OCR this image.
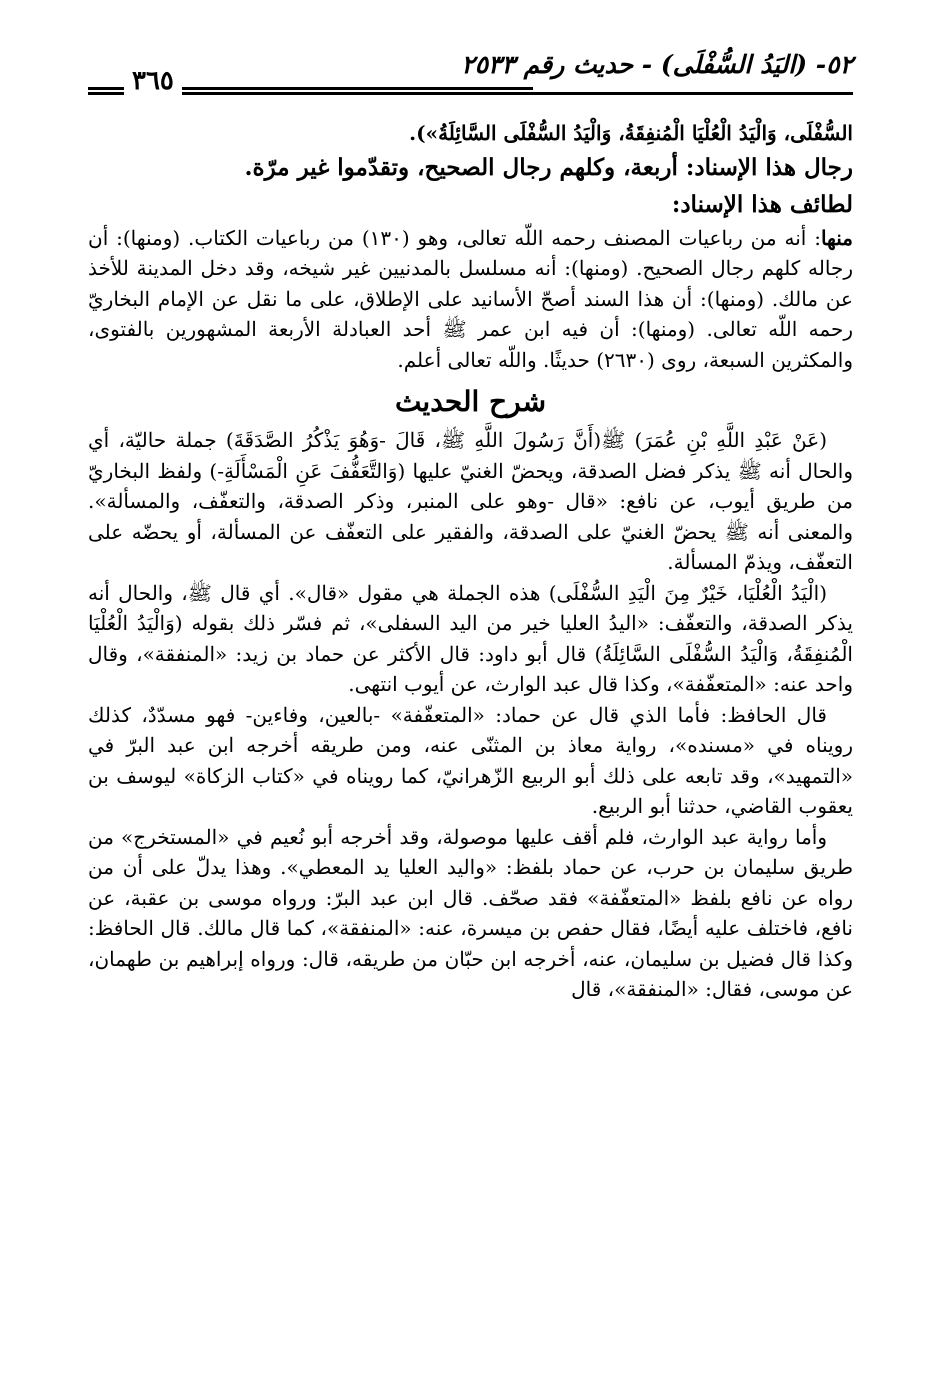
٥٢- (اليَدُ السُّفْلَى) - حديث رقم ٢٥٣٣
٣٦٥

السُّفْلَى، وَالْيَدُ الْعُلْيَا الْمُنفِقَةُ، وَالْيَدُ السُّفْلَى السَّائِلَةُ»).

رجال هذا الإسناد: أربعة، وكلهم رجال الصحيح، وتقدّموا غير مرّة.

لطائف هذا الإسناد:

منها: أنه من رباعيات المصنف رحمه اللّه تعالى، وهو (١٣٠) من رباعيات الكتاب. (ومنها): أن رجاله كلهم رجال الصحيح. (ومنها): أنه مسلسل بالمدنيين غير شيخه، وقد دخل المدينة للأخذ عن مالك. (ومنها): أن هذا السند أصحّ الأسانيد على الإطلاق، على ما نقل عن الإمام البخاريّ رحمه اللّه تعالى. (ومنها): أن فيه ابن عمر ﷺ أحد العبادلة الأربعة المشهورين بالفتوى، والمكثرين السبعة، روى (٢٦٣٠) حديثًا. واللّه تعالى أعلم.

شرح الحديث

(عَنْ عَبْدِ اللَّهِ بْنِ عُمَرَ) ﷺ(أَنَّ رَسُولَ اللَّهِ ﷺ، قَالَ -وَهُوَ يَذْكُرُ الصَّدَقَةَ) جملة حاليّة، أي والحال أنه ﷺ يذكر فضل الصدقة، ويحضّ الغنيّ عليها (وَالتَّعَفُّفَ عَنِ الْمَسْأَلَةِ-) ولفظ البخاريّ من طريق أيوب، عن نافع: «قال -وهو على المنبر، وذكر الصدقة، والتعفّف، والمسألة». والمعنى أنه ﷺ يحضّ الغنيّ على الصدقة، والفقير على التعفّف عن المسألة، أو يحضّه على التعفّف، ويذمّ المسألة.

(الْيَدُ الْعُلْيَا، خَيْرٌ مِنَ الْيَدِ السُّفْلَى) هذه الجملة هي مقول «قال». أي قال ﷺ، والحال أنه يذكر الصدقة، والتعفّف: «اليدُ العليا خير من اليد السفلى»، ثم فسّر ذلك بقوله (وَالْيَدُ الْعُلْيَا الْمُنفِقَةُ، وَالْيَدُ السُّفْلَى السَّائِلَةُ) قال أبو داود: قال الأكثر عن حماد بن زيد: «المنفقة»، وقال واحد عنه: «المتعفّفة»، وكذا قال عبد الوارث، عن أيوب انتهى.

قال الحافظ: فأما الذي قال عن حماد: «المتعفّفة» -بالعين، وفاءين- فهو مسدّدٌ، كذلك رويناه في «مسنده»، رواية معاذ بن المثنّى عنه، ومن طريقه أخرجه ابن عبد البرّ في «التمهيد»، وقد تابعه على ذلك أبو الربيع الزّهرانيّ، كما رويناه في «كتاب الزكاة» ليوسف بن يعقوب القاضي، حدثنا أبو الربيع.

وأما رواية عبد الوارث، فلم أقف عليها موصولة، وقد أخرجه أبو نُعيم في «المستخرج» من طريق سليمان بن حرب، عن حماد بلفظ: «واليد العليا يد المعطي». وهذا يدلّ على أن من رواه عن نافع بلفظ «المتعفّفة» فقد صحّف. قال ابن عبد البرّ: ورواه موسى بن عقبة، عن نافع، فاختلف عليه أيضًا، فقال حفص بن ميسرة، عنه: «المنفقة»، كما قال مالك. قال الحافظ: وكذا قال فضيل بن سليمان، عنه، أخرجه ابن حبّان من طريقه، قال: ورواه إبراهيم بن طهمان، عن موسى، فقال: «المنفقة»، قال
